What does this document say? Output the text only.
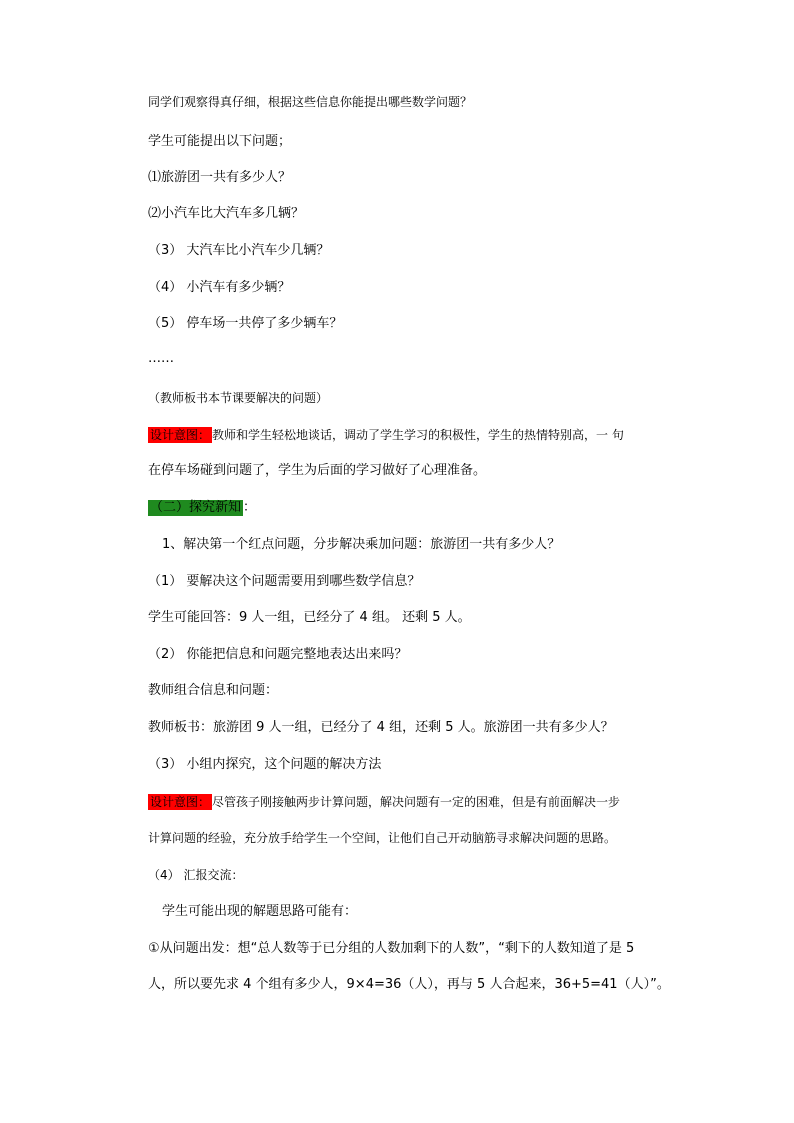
同学们观察得真仔细，根据这些信息你能提出哪些数学问题？
学生可能提出以下问题；
⑴旅游团一共有多少人？
⑵小汽车比大汽车多几辆？
（3） 大汽车比小汽车少几辆？
（4） 小汽车有多少辆？
（5） 停车场一共停了多少辆车？
……
（教师板书本节课要解决的问题）
设计意图： 教师和学生轻松地谈话，调动了学生学习的积极性，学生的热情特别高，一 句
在停车场碰到问题了，学生为后面的学习做好了心理准备。
（二）探究新知 ：
1、解决第一个红点问题，分步解决乘加问题：旅游团一共有多少人？
（1） 要解决这个问题需要用到哪些数学信息？
学生可能回答：9 人一组，已经分了 4 组。 还剩 5 人。
（2） 你能把信息和问题完整地表达出来吗？
教师组合信息和问题：
教师板书：旅游团 9 人一组，已经分了 4 组，还剩 5 人。旅游团一共有多少人？
（3） 小组内探究，这个问题的解决方法
设计意图： 尽管孩子刚接触两步计算问题，解决问题有一定的困难，但是有前面解决一步
计算问题的经验，充分放手给学生一个空间，让他们自己开动脑筋寻求解决问题的思路。
（4） 汇报交流：
学生可能出现的解题思路可能有：
①从问题出发：想“总人数等于已分组的人数加剩下的人数”，“剩下的人数知道了是 5
人，所以要先求 4 个组有多少人，9×4=36（人），再与 5 人合起来，36+5=41（人）”。
